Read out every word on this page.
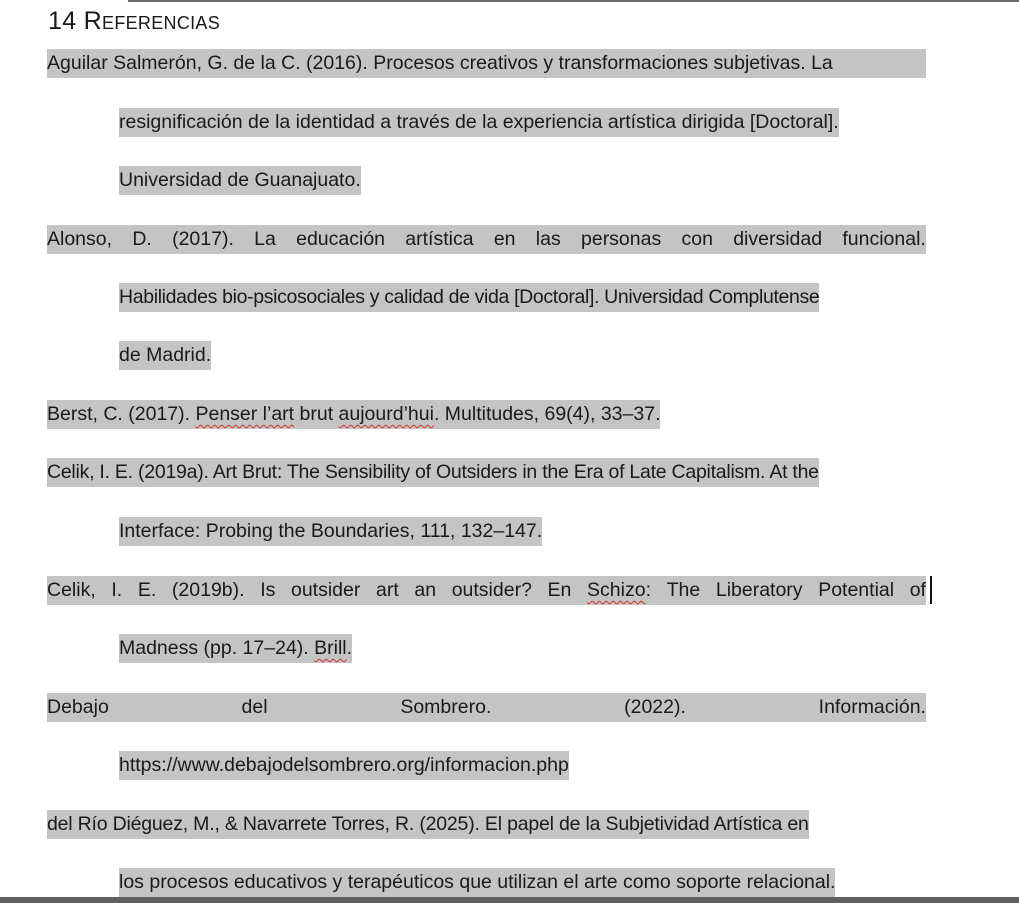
14 Referencias
Aguilar Salmerón, G. de la C. (2016). Procesos creativos y transformaciones subjetivas. La
resignificación de la identidad a través de la experiencia artística dirigida [Doctoral].
Universidad de Guanajuato.
Alonso, D. (2017). La educación artística en las personas con diversidad funcional.
Habilidades bio-psicosociales y calidad de vida [Doctoral]. Universidad Complutense
de Madrid.
Berst, C. (2017). Penser l’art brut aujourd’hui. Multitudes, 69(4), 33–37.
Celik, I. E. (2019a). Art Brut: The Sensibility of Outsiders in the Era of Late Capitalism. At the
Interface: Probing the Boundaries, 111, 132–147.
Celik, I. E. (2019b). Is outsider art an outsider? En Schizo: The Liberatory Potential of
Madness (pp. 17–24). Brill.
Debajo	del	Sombrero.	(2022).	Información.
https://www.debajodelsombrero.org/informacion.php
del Río Diéguez, M., & Navarrete Torres, R. (2025). El papel de la Subjetividad Artística en
los procesos educativos y terapéuticos que utilizan el arte como soporte relacional.
